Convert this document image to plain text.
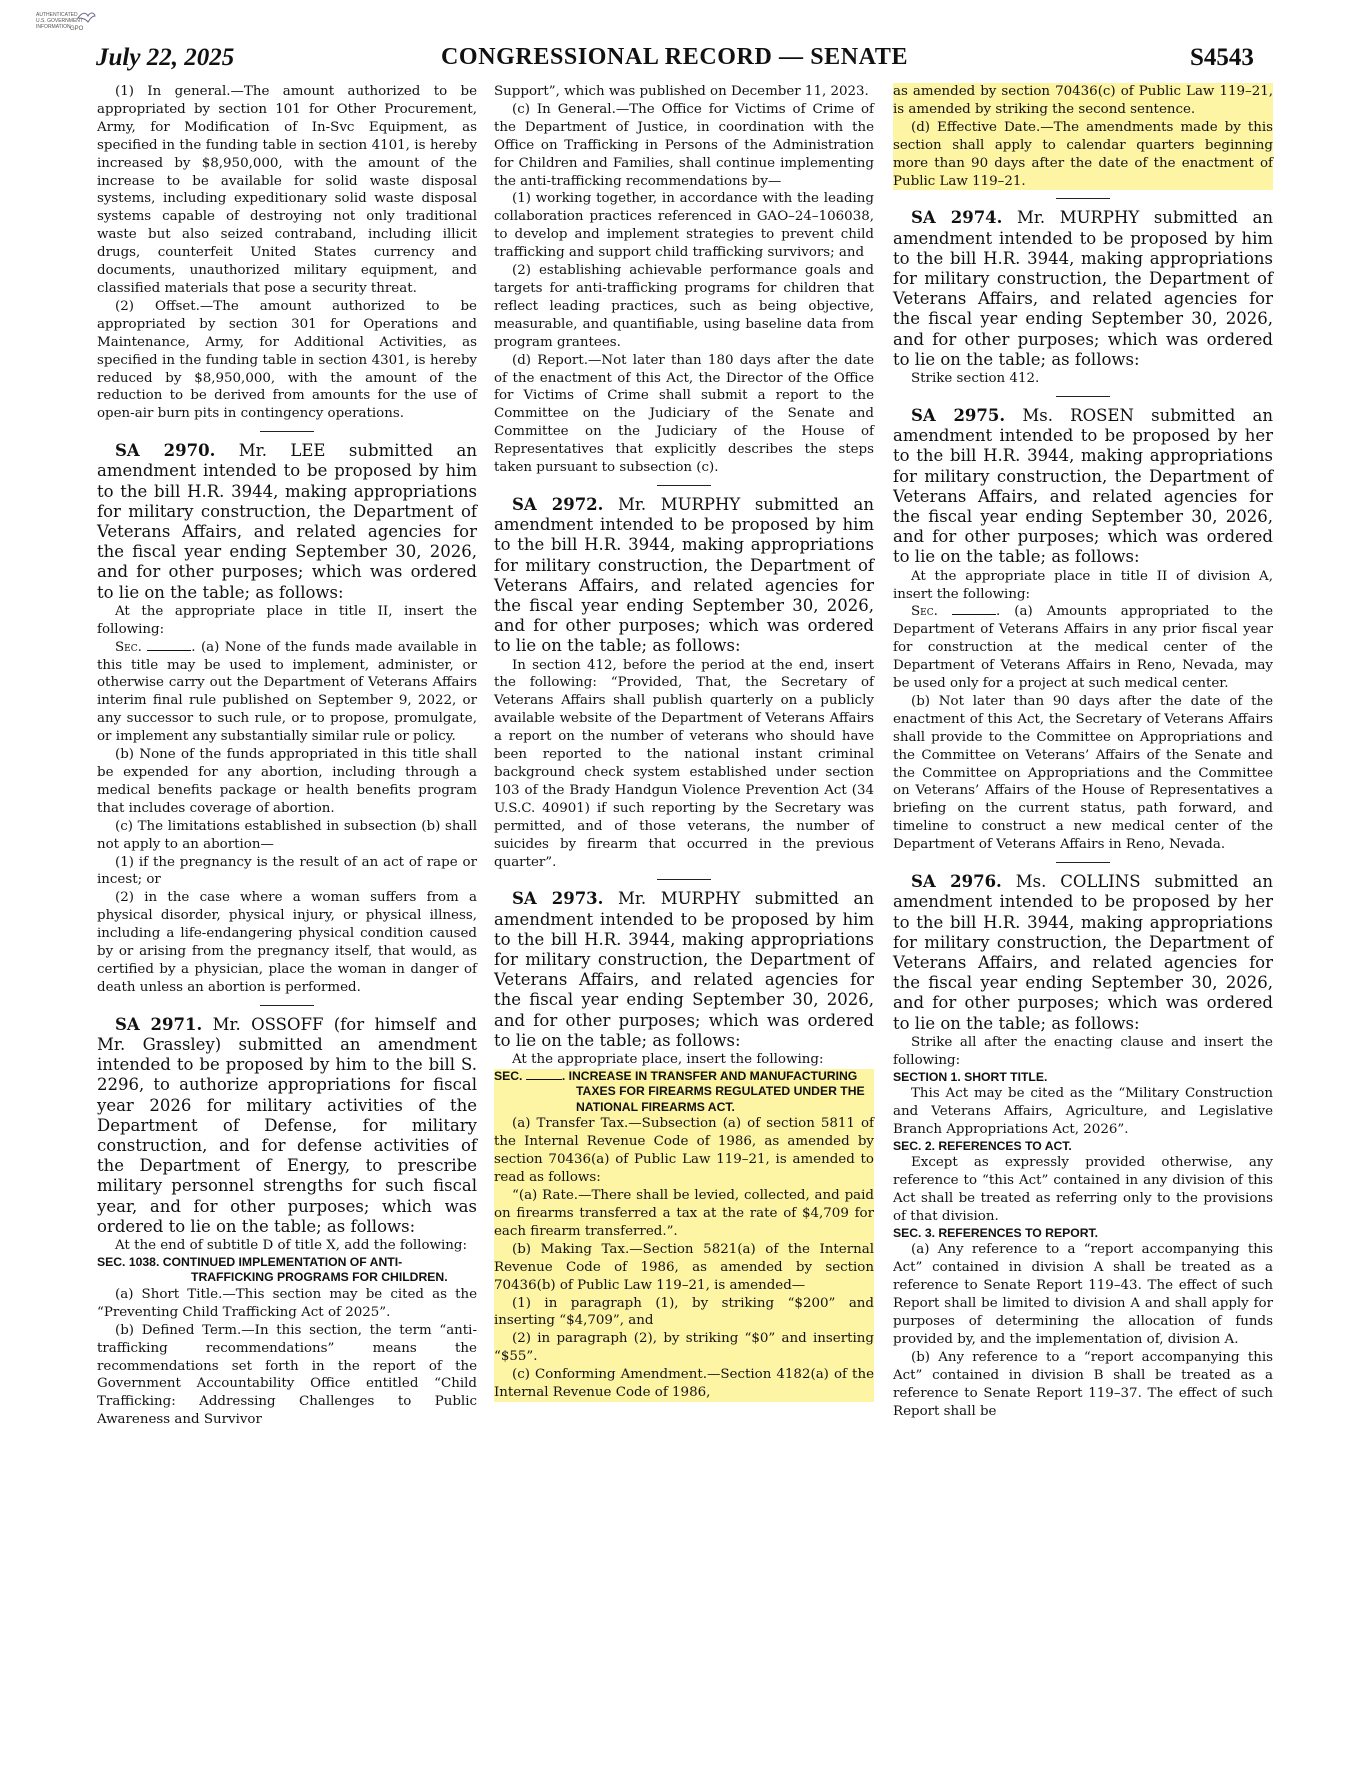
AUTHENTICATED
U.S. GOVERNMENT
INFORMATION GPO
July 22, 2025	CONGRESSIONAL RECORD — SENATE	S4543

(1) In general.—The amount authorized to be appropriated by section 101 for Other Procurement, Army, for Modification of In-Svc Equipment, as specified in the funding table in section 4101, is hereby increased by $8,950,000, with the amount of the increase to be available for solid waste disposal systems, including expeditionary solid waste disposal systems capable of destroying not only traditional waste but also seized contraband, including illicit drugs, counterfeit United States currency and documents, unauthorized military equipment, and classified materials that pose a security threat.

(2) Offset.—The amount authorized to be appropriated by section 301 for Operations and Maintenance, Army, for Additional Activities, as specified in the funding table in section 4301, is hereby reduced by $8,950,000, with the amount of the reduction to be derived from amounts for the use of open-air burn pits in contingency operations.

SA 2970. Mr. LEE submitted an amendment intended to be proposed by him to the bill H.R. 3944, making appropriations for military construction, the Department of Veterans Affairs, and related agencies for the fiscal year ending September 30, 2026, and for other purposes; which was ordered to lie on the table; as follows:

At the appropriate place in title II, insert the following:

Sec.	. (a) None of the funds made available in this title may be used to implement, administer, or otherwise carry out the Department of Veterans Affairs interim final rule published on September 9, 2022, or any successor to such rule, or to propose, promulgate, or implement any substantially similar rule or policy.

(b) None of the funds appropriated in this title shall be expended for any abortion, including through a medical benefits package or health benefits program that includes coverage of abortion.

(c) The limitations established in subsection (b) shall not apply to an abortion—

(1) if the pregnancy is the result of an act of rape or incest; or

(2) in the case where a woman suffers from a physical disorder, physical injury, or physical illness, including a life-endangering physical condition caused by or arising from the pregnancy itself, that would, as certified by a physician, place the woman in danger of death unless an abortion is performed.

SA 2971. Mr. OSSOFF (for himself and Mr. Grassley) submitted an amendment intended to be proposed by him to the bill S. 2296, to authorize appropriations for fiscal year 2026 for military activities of the Department of Defense, for military construction, and for defense activities of the Department of Energy, to prescribe military personnel strengths for such fiscal year, and for other purposes; which was ordered to lie on the table; as follows:

At the end of subtitle D of title X, add the following:

SEC. 1038. CONTINUED IMPLEMENTATION OF ANTI-TRAFFICKING PROGRAMS FOR CHILDREN.

(a) Short Title.—This section may be cited as the “Preventing Child Trafficking Act of 2025”.

(b) Defined Term.—In this section, the term “anti-trafficking recommendations” means the recommendations set forth in the report of the Government Accountability Office entitled “Child Trafficking: Addressing Challenges to Public Awareness and Survivor

Support”, which was published on December 11, 2023.

(c) In General.—The Office for Victims of Crime of the Department of Justice, in coordination with the Office on Trafficking in Persons of the Administration for Children and Families, shall continue implementing the anti-trafficking recommendations by—

(1) working together, in accordance with the leading collaboration practices referenced in GAO–24–106038, to develop and implement strategies to prevent child trafficking and support child trafficking survivors; and

(2) establishing achievable performance goals and targets for anti-trafficking programs for children that reflect leading practices, such as being objective, measurable, and quantifiable, using baseline data from program grantees.

(d) Report.—Not later than 180 days after the date of the enactment of this Act, the Director of the Office for Victims of Crime shall submit a report to the Committee on the Judiciary of the Senate and Committee on the Judiciary of the House of Representatives that explicitly describes the steps taken pursuant to subsection (c).

SA 2972. Mr. MURPHY submitted an amendment intended to be proposed by him to the bill H.R. 3944, making appropriations for military construction, the Department of Veterans Affairs, and related agencies for the fiscal year ending September 30, 2026, and for other purposes; which was ordered to lie on the table; as follows:

In section 412, before the period at the end, insert the following: “Provided, That, the Secretary of Veterans Affairs shall publish quarterly on a publicly available website of the Department of Veterans Affairs a report on the number of veterans who should have been reported to the national instant criminal background check system established under section 103 of the Brady Handgun Violence Prevention Act (34 U.S.C. 40901) if such reporting by the Secretary was permitted, and of those veterans, the number of suicides by firearm that occurred in the previous quarter”.

SA 2973. Mr. MURPHY submitted an amendment intended to be proposed by him to the bill H.R. 3944, making appropriations for military construction, the Department of Veterans Affairs, and related agencies for the fiscal year ending September 30, 2026, and for other purposes; which was ordered to lie on the table; as follows:

At the appropriate place, insert the following:

SEC.	. INCREASE IN TRANSFER AND MANUFACTURING TAXES FOR FIREARMS REGULATED UNDER THE NATIONAL FIREARMS ACT.

(a) Transfer Tax.—Subsection (a) of section 5811 of the Internal Revenue Code of 1986, as amended by section 70436(a) of Public Law 119–21, is amended to read as follows:

“(a) Rate.—There shall be levied, collected, and paid on firearms transferred a tax at the rate of $4,709 for each firearm transferred.”.

(b) Making Tax.—Section 5821(a) of the Internal Revenue Code of 1986, as amended by section 70436(b) of Public Law 119–21, is amended—

(1) in paragraph (1), by striking “$200” and inserting “$4,709”, and

(2) in paragraph (2), by striking “$0” and inserting “$55”.

(c) Conforming Amendment.—Section 4182(a) of the Internal Revenue Code of 1986,

as amended by section 70436(c) of Public Law 119–21, is amended by striking the second sentence.

(d) Effective Date.—The amendments made by this section shall apply to calendar quarters beginning more than 90 days after the date of the enactment of Public Law 119–21.

SA 2974. Mr. MURPHY submitted an amendment intended to be proposed by him to the bill H.R. 3944, making appropriations for military construction, the Department of Veterans Affairs, and related agencies for the fiscal year ending September 30, 2026, and for other purposes; which was ordered to lie on the table; as follows:

Strike section 412.

SA 2975. Ms. ROSEN submitted an amendment intended to be proposed by her to the bill H.R. 3944, making appropriations for military construction, the Department of Veterans Affairs, and related agencies for the fiscal year ending September 30, 2026, and for other purposes; which was ordered to lie on the table; as follows:

At the appropriate place in title II of division A, insert the following:

Sec.	. (a) Amounts appropriated to the Department of Veterans Affairs in any prior fiscal year for construction at the medical center of the Department of Veterans Affairs in Reno, Nevada, may be used only for a project at such medical center.

(b) Not later than 90 days after the date of the enactment of this Act, the Secretary of Veterans Affairs shall provide to the Committee on Appropriations and the Committee on Veterans’ Affairs of the Senate and the Committee on Appropriations and the Committee on Veterans’ Affairs of the House of Representatives a briefing on the current status, path forward, and timeline to construct a new medical center of the Department of Veterans Affairs in Reno, Nevada.

SA 2976. Ms. COLLINS submitted an amendment intended to be proposed by her to the bill H.R. 3944, making appropriations for military construction, the Department of Veterans Affairs, and related agencies for the fiscal year ending September 30, 2026, and for other purposes; which was ordered to lie on the table; as follows:

Strike all after the enacting clause and insert the following:

SECTION 1. SHORT TITLE.

This Act may be cited as the “Military Construction and Veterans Affairs, Agriculture, and Legislative Branch Appropriations Act, 2026”.

SEC. 2. REFERENCES TO ACT.

Except as expressly provided otherwise, any reference to “this Act” contained in any division of this Act shall be treated as referring only to the provisions of that division.

SEC. 3. REFERENCES TO REPORT.

(a) Any reference to a “report accompanying this Act” contained in division A shall be treated as a reference to Senate Report 119–43. The effect of such Report shall be limited to division A and shall apply for purposes of determining the allocation of funds provided by, and the implementation of, division A.

(b) Any reference to a “report accompanying this Act” contained in division B shall be treated as a reference to Senate Report 119–37. The effect of such Report shall be
